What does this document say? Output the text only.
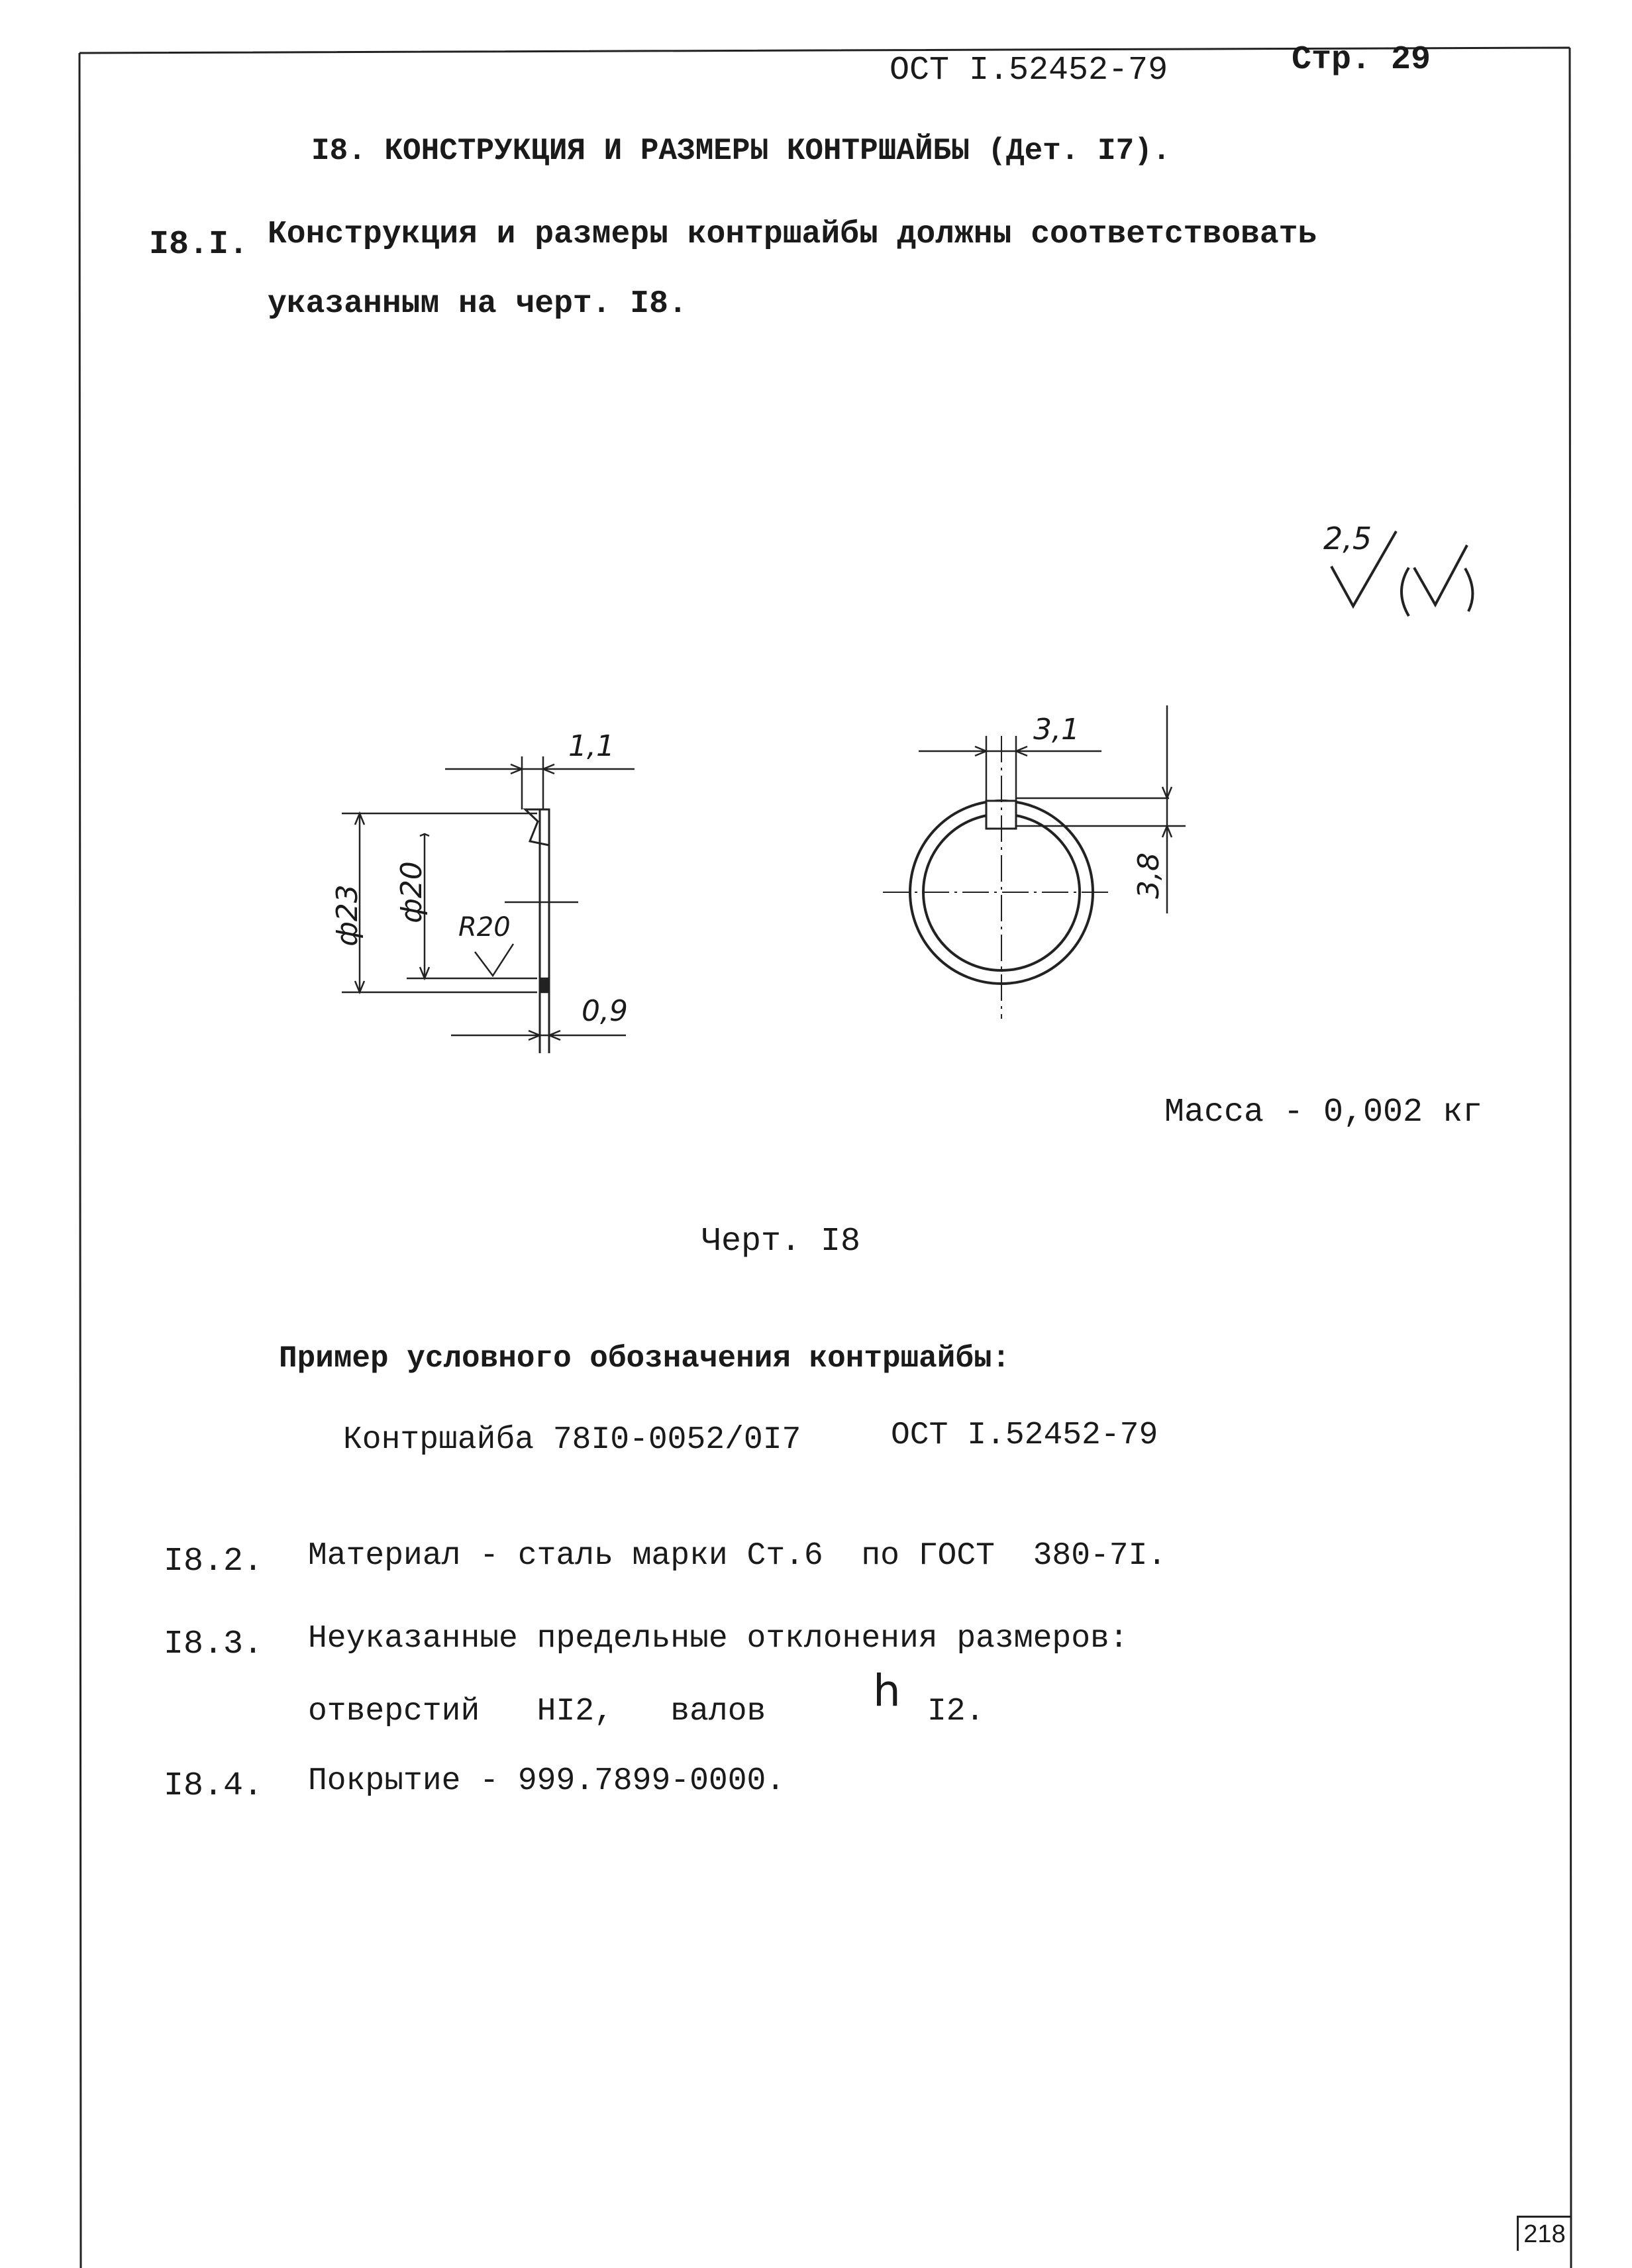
ОСТ I.52452-79	Стр. 29
I8. КОНСТРУКЦИЯ И РАЗМЕРЫ КОНТРШАЙБЫ (Дет. I7).
I8.I. Конструкция и размеры контршайбы должны соответствовать
указанным на черт. I8.
2,5
1,1
0,9
ф23 ф20
R20
3,1
3,8
Масса - 0,002 кг
Черт. I8
Пример условного обозначения контршайбы:
Контршайба 78I0-0052/0I7	ОСТ I.52452-79
I8.2. Материал - сталь марки Ст.6  по ГОСТ  380-7I.
I8.3. Неуказанные предельные отклонения размеров:
отверстий   HI2,   валов h I2.
I8.4. Покрытие - 999.7899-0000.
218
